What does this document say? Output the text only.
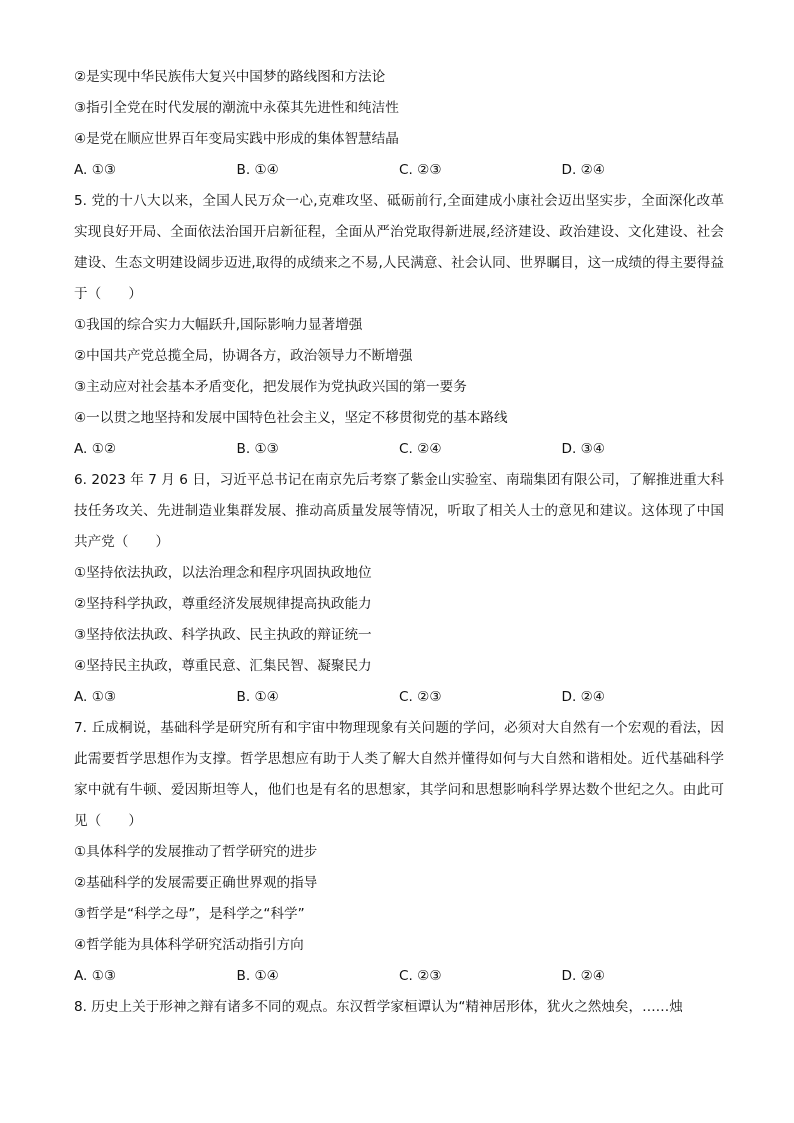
②是实现中华民族伟大复兴中国梦的路线图和方法论
③指引全党在时代发展的潮流中永葆其先进性和纯洁性
④是党在顺应世界百年变局实践中形成的集体智慧结晶
A. ①③	B. ①④	C. ②③	D. ②④
5. 党的十八大以来，全国人民万众一心,克难攻坚、砥砺前行,全面建成小康社会迈出坚实步，全面深化改革实现良好开局、全面依法治国开启新征程，全面从严治党取得新进展,经济建设、政治建设、文化建设、社会建设、生态文明建设阔步迈进,取得的成绩来之不易,人民满意、社会认同、世界瞩目，这一成绩的得主要得益于（　　）
①我国的综合实力大幅跃升,国际影响力显著增强
②中国共产党总揽全局，协调各方，政治领导力不断增强
③主动应对社会基本矛盾变化，把发展作为党执政兴国的第一要务
④一以贯之地坚持和发展中国特色社会主义，坚定不移贯彻党的基本路线
A. ①②	B. ①③	C. ②④	D. ③④
6. 2023 年 7 月 6 日，习近平总书记在南京先后考察了紫金山实验室、南瑞集团有限公司，了解推进重大科技任务攻关、先进制造业集群发展、推动高质量发展等情况，听取了相关人士的意见和建议。这体现了中国共产党（　　）
①坚持依法执政，以法治理念和程序巩固执政地位
②坚持科学执政，尊重经济发展规律提高执政能力
③坚持依法执政、科学执政、民主执政的辩证统一
④坚持民主执政，尊重民意、汇集民智、凝聚民力
A. ①③	B. ①④	C. ②③	D. ②④
7. 丘成桐说，基础科学是研究所有和宇宙中物理现象有关问题的学问，必须对大自然有一个宏观的看法，因此需要哲学思想作为支撑。哲学思想应有助于人类了解大自然并懂得如何与大自然和谐相处。近代基础科学家中就有牛顿、爱因斯坦等人，他们也是有名的思想家，其学问和思想影响科学界达数个世纪之久。由此可见（　　）
①具体科学的发展推动了哲学研究的进步
②基础科学的发展需要正确世界观的指导
③哲学是“科学之母”，是科学之“科学”
④哲学能为具体科学研究活动指引方向
A. ①③	B. ①④	C. ②③	D. ②④
8. 历史上关于形神之辩有诸多不同的观点。东汉哲学家桓谭认为“精神居形体，犹火之然烛矣，……烛
